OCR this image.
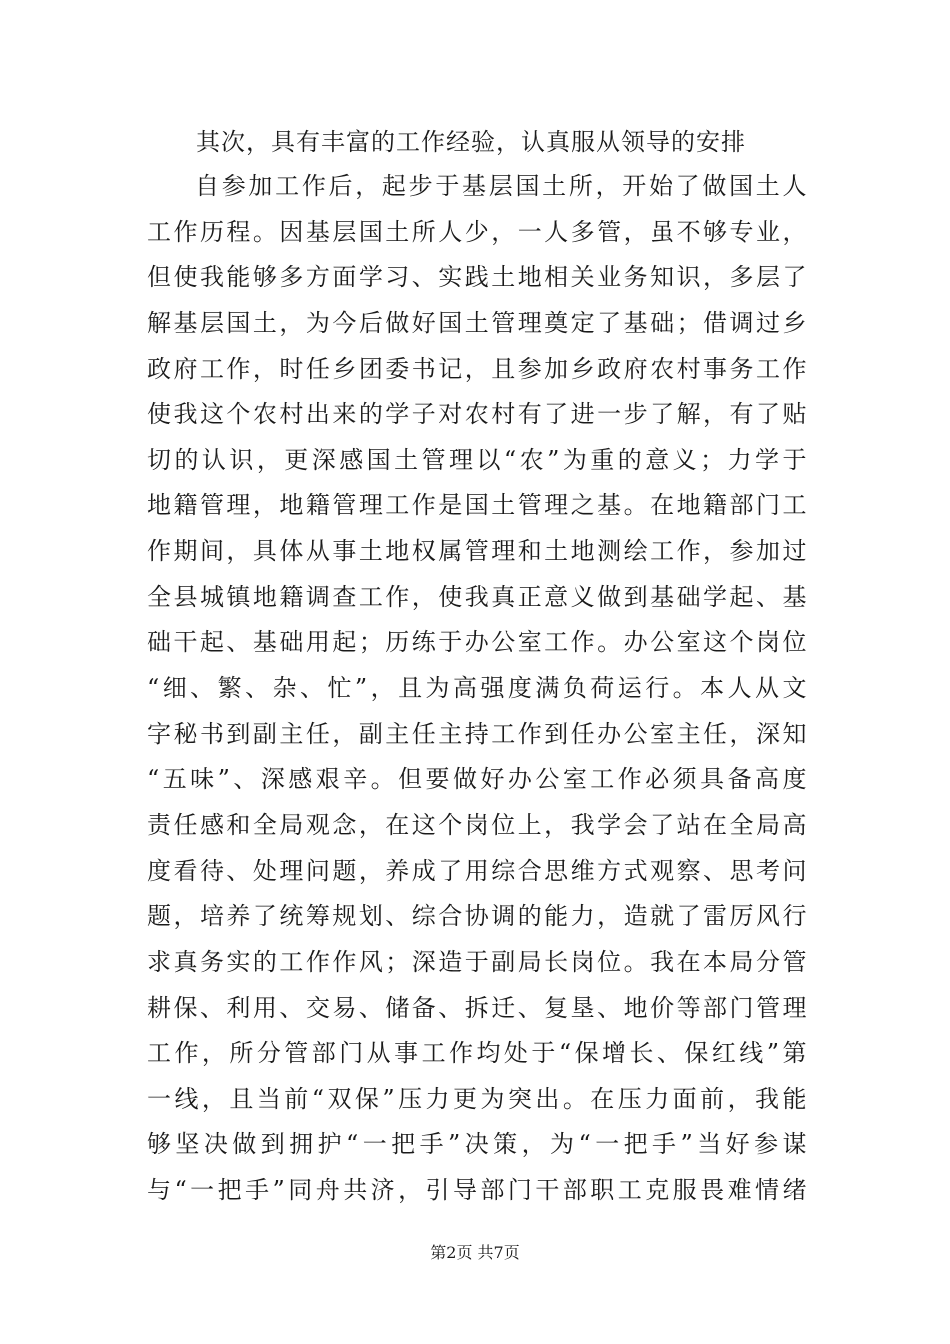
其次，具有丰富的工作经验，认真服从领导的安排
自参加工作后，起步于基层国土所，开始了做国土人
工作历程。因基层国土所人少，一人多管，虽不够专业，
但使我能够多方面学习、实践土地相关业务知识，多层了
解基层国土，为今后做好国土管理奠定了基础；借调过乡
政府工作，时任乡团委书记，且参加乡政府农村事务工作
使我这个农村出来的学子对农村有了进一步了解，有了贴
切的认识，更深感国土管理以“农”为重的意义；力学于
地籍管理，地籍管理工作是国土管理之基。在地籍部门工
作期间，具体从事土地权属管理和土地测绘工作，参加过
全县城镇地籍调查工作，使我真正意义做到基础学起、基
础干起、基础用起；历练于办公室工作。办公室这个岗位
“细、繁、杂、忙”，且为高强度满负荷运行。本人从文
字秘书到副主任，副主任主持工作到任办公室主任，深知
“五味”、深感艰辛。但要做好办公室工作必须具备高度
责任感和全局观念，在这个岗位上，我学会了站在全局高
度看待、处理问题，养成了用综合思维方式观察、思考问
题，培养了统筹规划、综合协调的能力，造就了雷厉风行
求真务实的工作作风；深造于副局长岗位。我在本局分管
耕保、利用、交易、储备、拆迁、复垦、地价等部门管理
工作，所分管部门从事工作均处于“保增长、保红线”第
一线，且当前“双保”压力更为突出。在压力面前，我能
够坚决做到拥护“一把手”决策，为“一把手”当好参谋
与“一把手”同舟共济，引导部门干部职工克服畏难情绪
第2页 共7页
